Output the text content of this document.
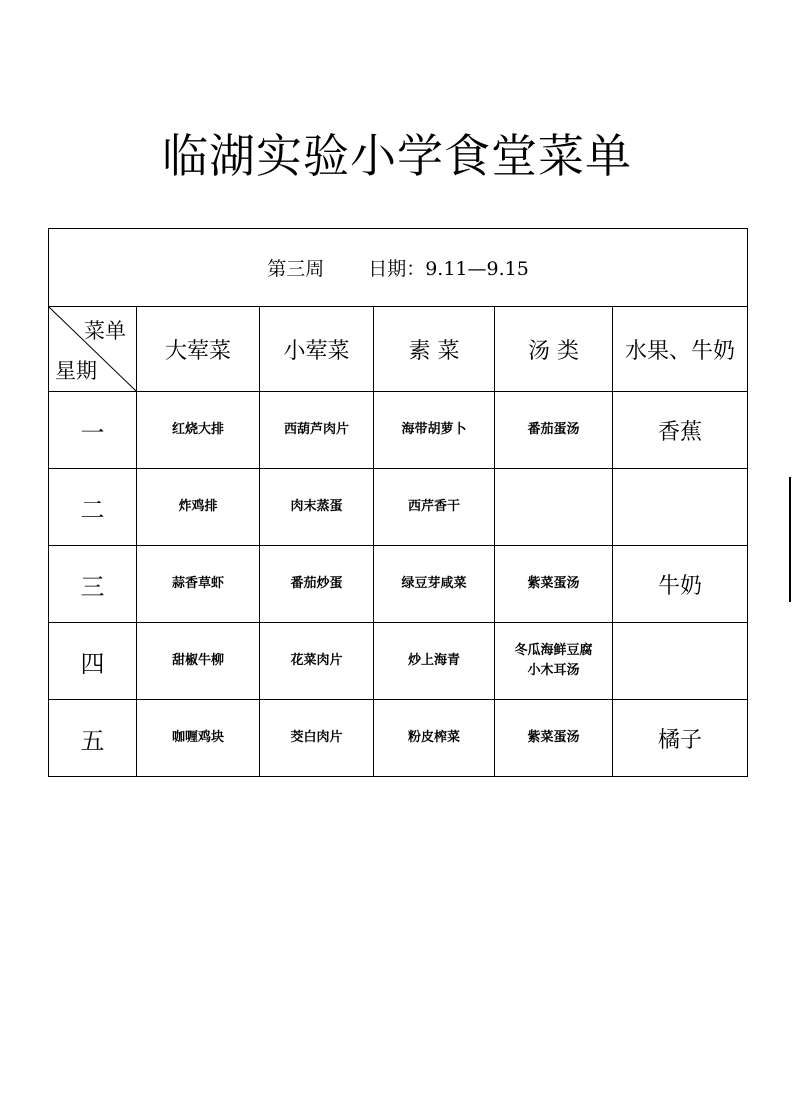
临湖实验小学食堂菜单
第三周 日期：9.11—9.15					

菜单
星期	大荤菜	小荤菜	素 菜	汤 类	水果、牛奶
一	红烧大排	西葫芦肉片	海带胡萝卜	番茄蛋汤	香蕉
二	炸鸡排	肉末蒸蛋	西芹香干		
三	蒜香草虾	番茄炒蛋	绿豆芽咸菜	紫菜蛋汤	牛奶
四	甜椒牛柳	花菜肉片	炒上海青	冬瓜海鲜豆腐
小木耳汤	

五	咖喱鸡块	茭白肉片	粉皮榨菜	紫菜蛋汤	橘子
